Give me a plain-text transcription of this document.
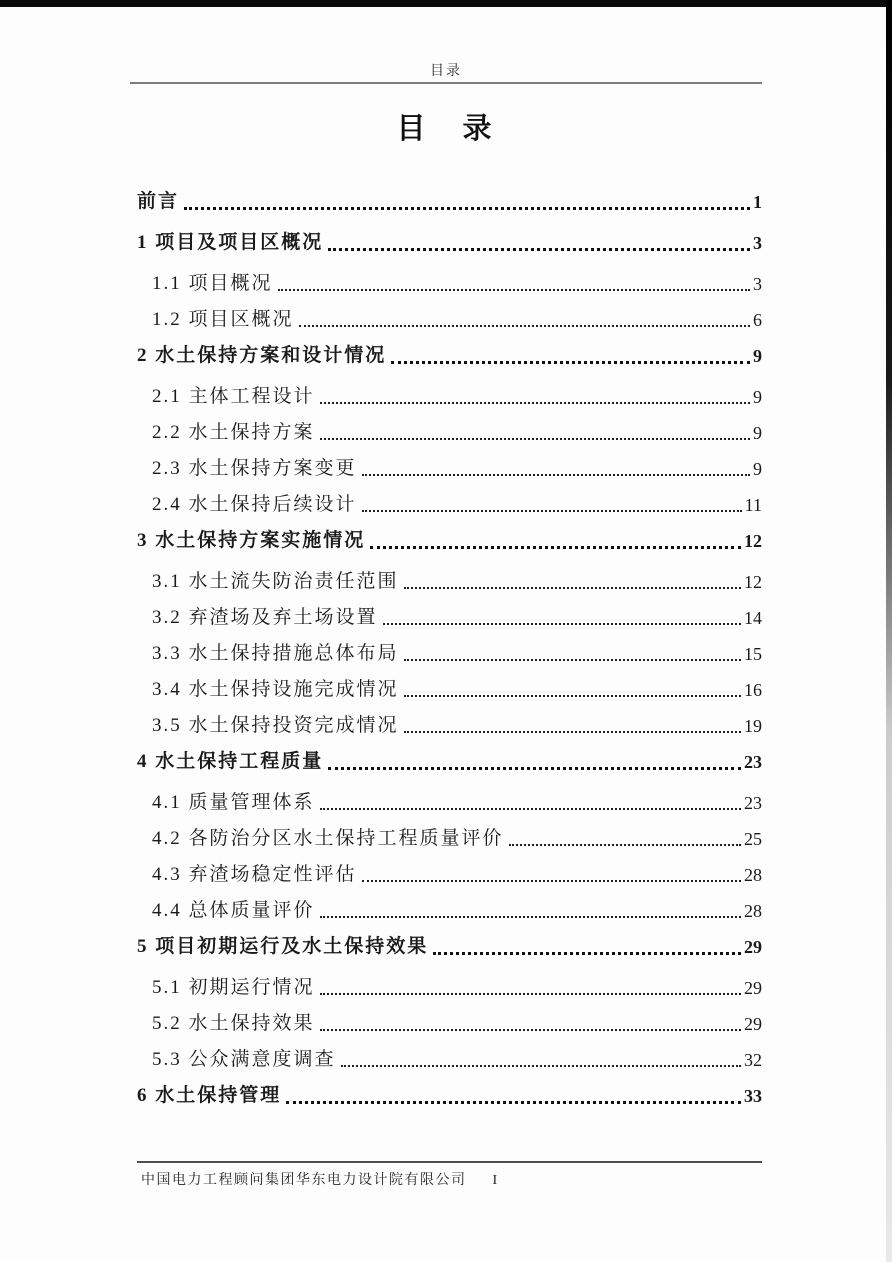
目录
目　录
前言	1
1 项目及项目区概况	3
1.1 项目概况	3
1.2 项目区概况	6
2 水土保持方案和设计情况	9
2.1 主体工程设计	9
2.2 水土保持方案	9
2.3 水土保持方案变更	9
2.4 水土保持后续设计	11
3 水土保持方案实施情况	12
3.1 水土流失防治责任范围	12
3.2 弃渣场及弃土场设置	14
3.3 水土保持措施总体布局	15
3.4 水土保持设施完成情况	16
3.5 水土保持投资完成情况	19
4 水土保持工程质量	23
4.1 质量管理体系	23
4.2 各防治分区水土保持工程质量评价	25
4.3 弃渣场稳定性评估	28
4.4 总体质量评价	28
5 项目初期运行及水土保持效果	29
5.1 初期运行情况	29
5.2 水土保持效果	29
5.3 公众满意度调查	32
6 水土保持管理	33
中国电力工程顾问集团华东电力设计院有限公司 I
